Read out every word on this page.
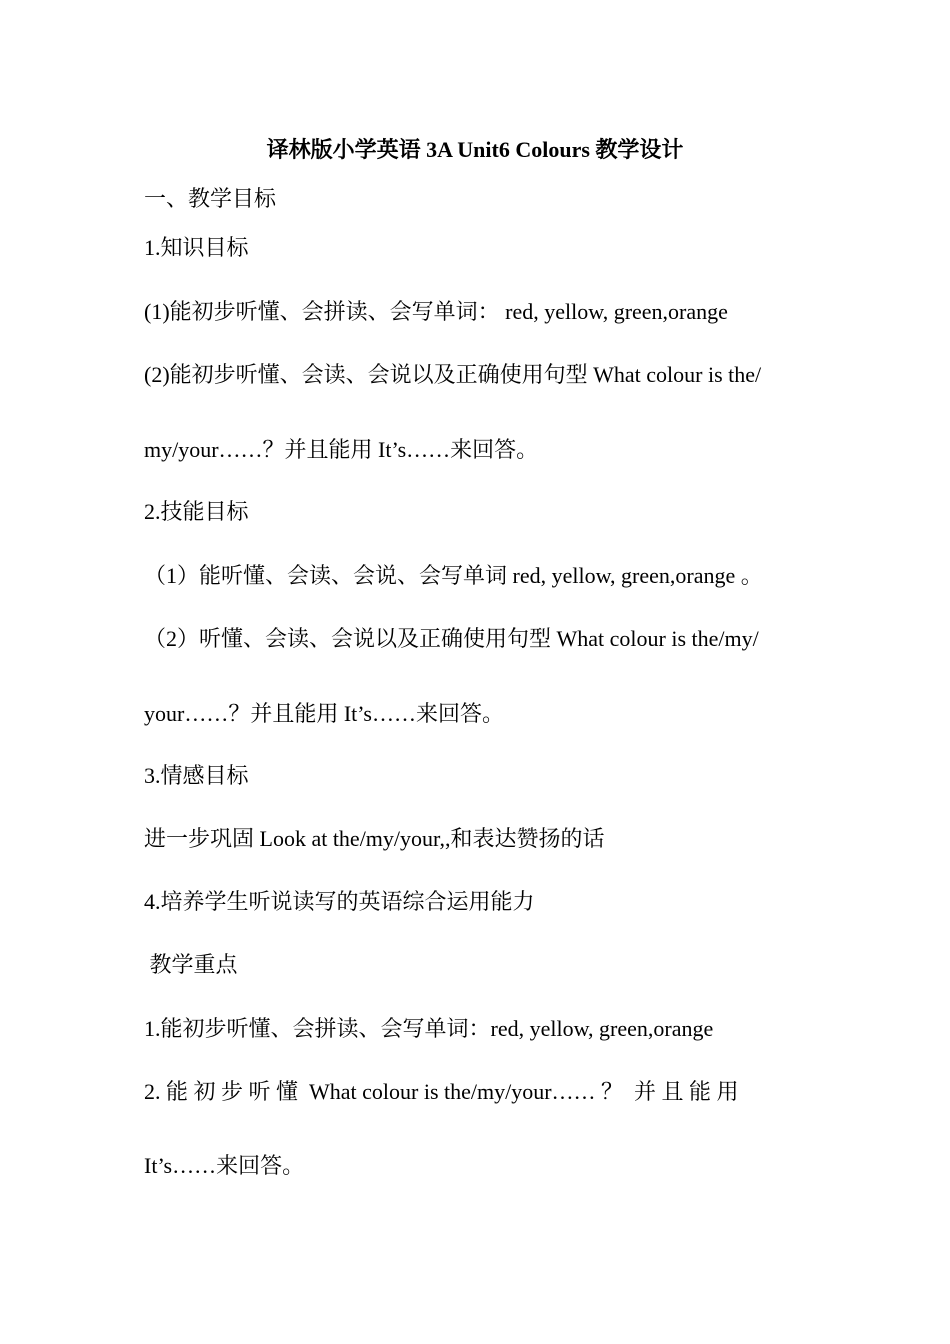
译林版小学英语 3A Unit6 Colours 教学设计
一、教学目标
1.知识目标
(1)能初步听懂、会拼读、会写单词： red, yellow, green,orange
(2)能初步听懂、会读、会说以及正确使用句型 What colour is the/
my/your……？并且能用 It’s……来回答。
2.技能目标
（1）能听懂、会读、会说、会写单词 red, yellow, green,orange 。
（2）听懂、会读、会说以及正确使用句型 What colour is the/my/
your……？并且能用 It’s……来回答。
3.情感目标
进一步巩固 Look at the/my/your,,和表达赞扬的话
4.培养学生听说读写的英语综合运用能力
教学重点
1.能初步听懂、会拼读、会写单词：red, yellow, green,orange
2. 能 初 步 听 懂  What colour is the/my/your…… ？  并 且 能 用
It’s……来回答。
